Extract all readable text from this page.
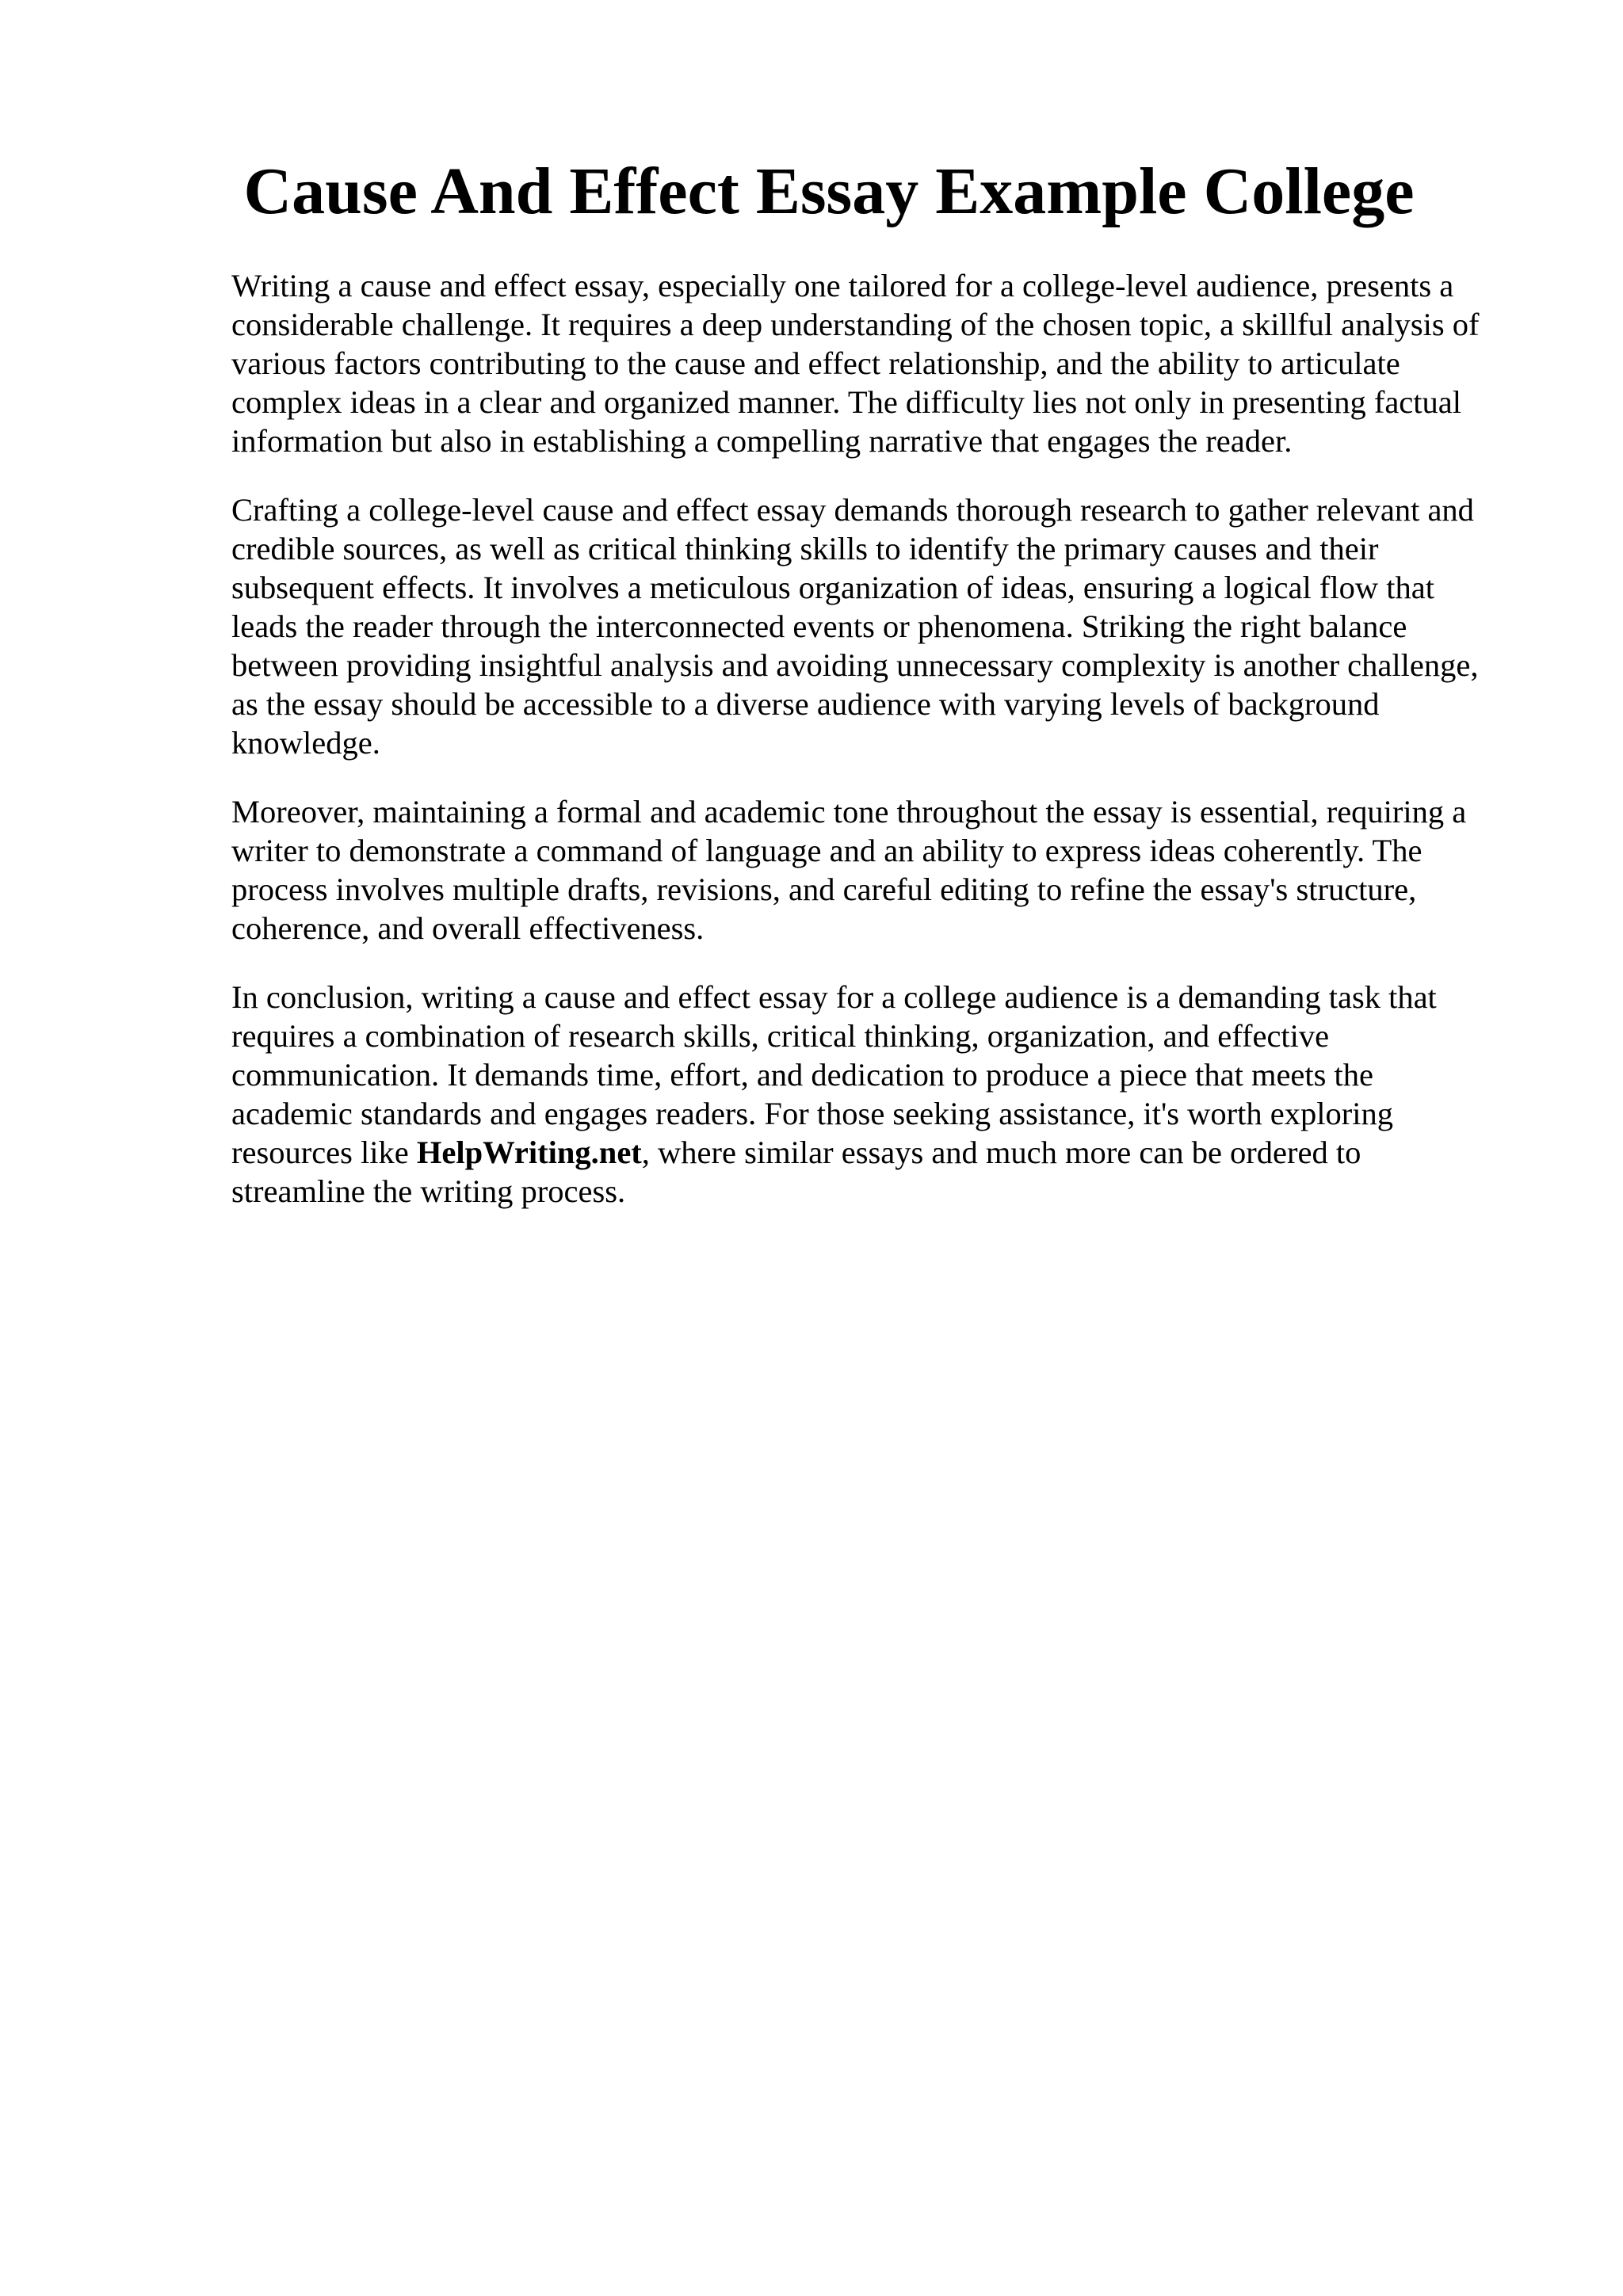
Cause And Effect Essay Example College

Writing a cause and effect essay, especially one tailored for a college-level audience, presents a
considerable challenge. It requires a deep understanding of the chosen topic, a skillful analysis of
various factors contributing to the cause and effect relationship, and the ability to articulate
complex ideas in a clear and organized manner. The difficulty lies not only in presenting factual
information but also in establishing a compelling narrative that engages the reader.

Crafting a college-level cause and effect essay demands thorough research to gather relevant and
credible sources, as well as critical thinking skills to identify the primary causes and their
subsequent effects. It involves a meticulous organization of ideas, ensuring a logical flow that
leads the reader through the interconnected events or phenomena. Striking the right balance
between providing insightful analysis and avoiding unnecessary complexity is another challenge,
as the essay should be accessible to a diverse audience with varying levels of background
knowledge.

Moreover, maintaining a formal and academic tone throughout the essay is essential, requiring a
writer to demonstrate a command of language and an ability to express ideas coherently. The
process involves multiple drafts, revisions, and careful editing to refine the essay's structure,
coherence, and overall effectiveness.

In conclusion, writing a cause and effect essay for a college audience is a demanding task that
requires a combination of research skills, critical thinking, organization, and effective
communication. It demands time, effort, and dedication to produce a piece that meets the
academic standards and engages readers. For those seeking assistance, it's worth exploring
resources like HelpWriting.net, where similar essays and much more can be ordered to
streamline the writing process.
